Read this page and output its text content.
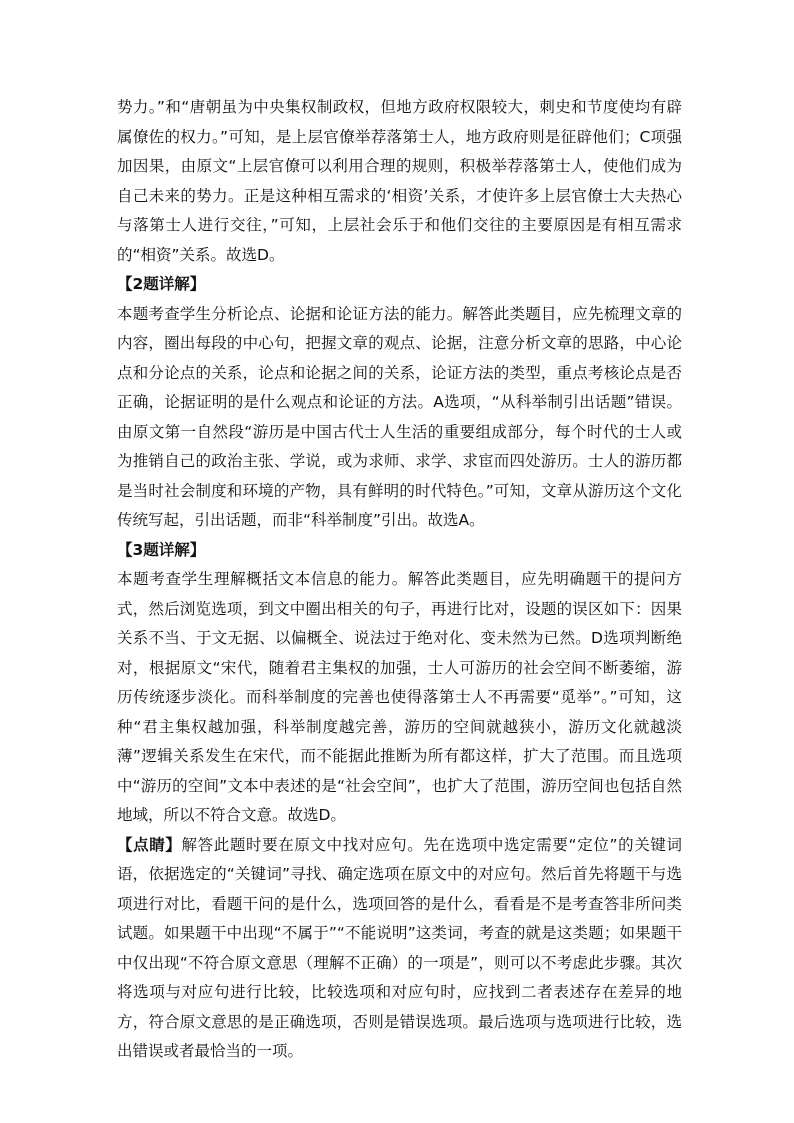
势力。”和“唐朝虽为中央集权制政权，但地方政府权限较大，刺史和节度使均有辟属僚佐的权力。”可知，是上层官僚举荐落第士人，地方政府则是征辟他们；C项强加因果，由原文“上层官僚可以利用合理的规则，积极举荐落第士人，使他们成为自己未来的势力。正是这种相互需求的‘相资’关系，才使许多上层官僚士大夫热心与落第士人进行交往，”可知，上层社会乐于和他们交往的主要原因是有相互需求的“相资”关系。故选D。

【2题详解】

本题考查学生分析论点、论据和论证方法的能力。解答此类题目，应先梳理文章的内容，圈出每段的中心句，把握文章的观点、论据，注意分析文章的思路，中心论点和分论点的关系，论点和论据之间的关系，论证方法的类型，重点考核论点是否正确，论据证明的是什么观点和论证的方法。A选项，“从科举制引出话题”错误。由原文第一自然段“游历是中国古代士人生活的重要组成部分，每个时代的士人或为推销自己的政治主张、学说，或为求师、求学、求宦而四处游历。士人的游历都是当时社会制度和环境的产物，具有鲜明的时代特色。”可知，文章从游历这个文化传统写起，引出话题，而非“科举制度”引出。故选A。

【3题详解】

本题考查学生理解概括文本信息的能力。解答此类题目，应先明确题干的提问方式，然后浏览选项，到文中圈出相关的句子，再进行比对，设题的误区如下：因果关系不当、于文无据、以偏概全、说法过于绝对化、变未然为已然。D选项判断绝对，根据原文“宋代，随着君主集权的加强，士人可游历的社会空间不断萎缩，游历传统逐步淡化。而科举制度的完善也使得落第士人不再需要“觅举”。”可知，这种“君主集权越加强，科举制度越完善，游历的空间就越狭小，游历文化就越淡薄”逻辑关系发生在宋代，而不能据此推断为所有都这样，扩大了范围。而且选项中“游历的空间”文本中表述的是“社会空间”，也扩大了范围，游历空间也包括自然地域，所以不符合文意。故选D。

【点睛】解答此题时要在原文中找对应句。先在选项中选定需要“定位”的关键词语，依据选定的“关键词”寻找、确定选项在原文中的对应句。然后首先将题干与选项进行对比，看题干问的是什么，选项回答的是什么，看看是不是考查答非所问类试题。如果题干中出现“不属于”“不能说明”这类词，考查的就是这类题；如果题干中仅出现“不符合原文意思（理解不正确）的一项是”，则可以不考虑此步骤。其次将选项与对应句进行比较，比较选项和对应句时，应找到二者表述存在差异的地方，符合原文意思的是正确选项，否则是错误选项。最后选项与选项进行比较，选出错误或者最恰当的一项。
